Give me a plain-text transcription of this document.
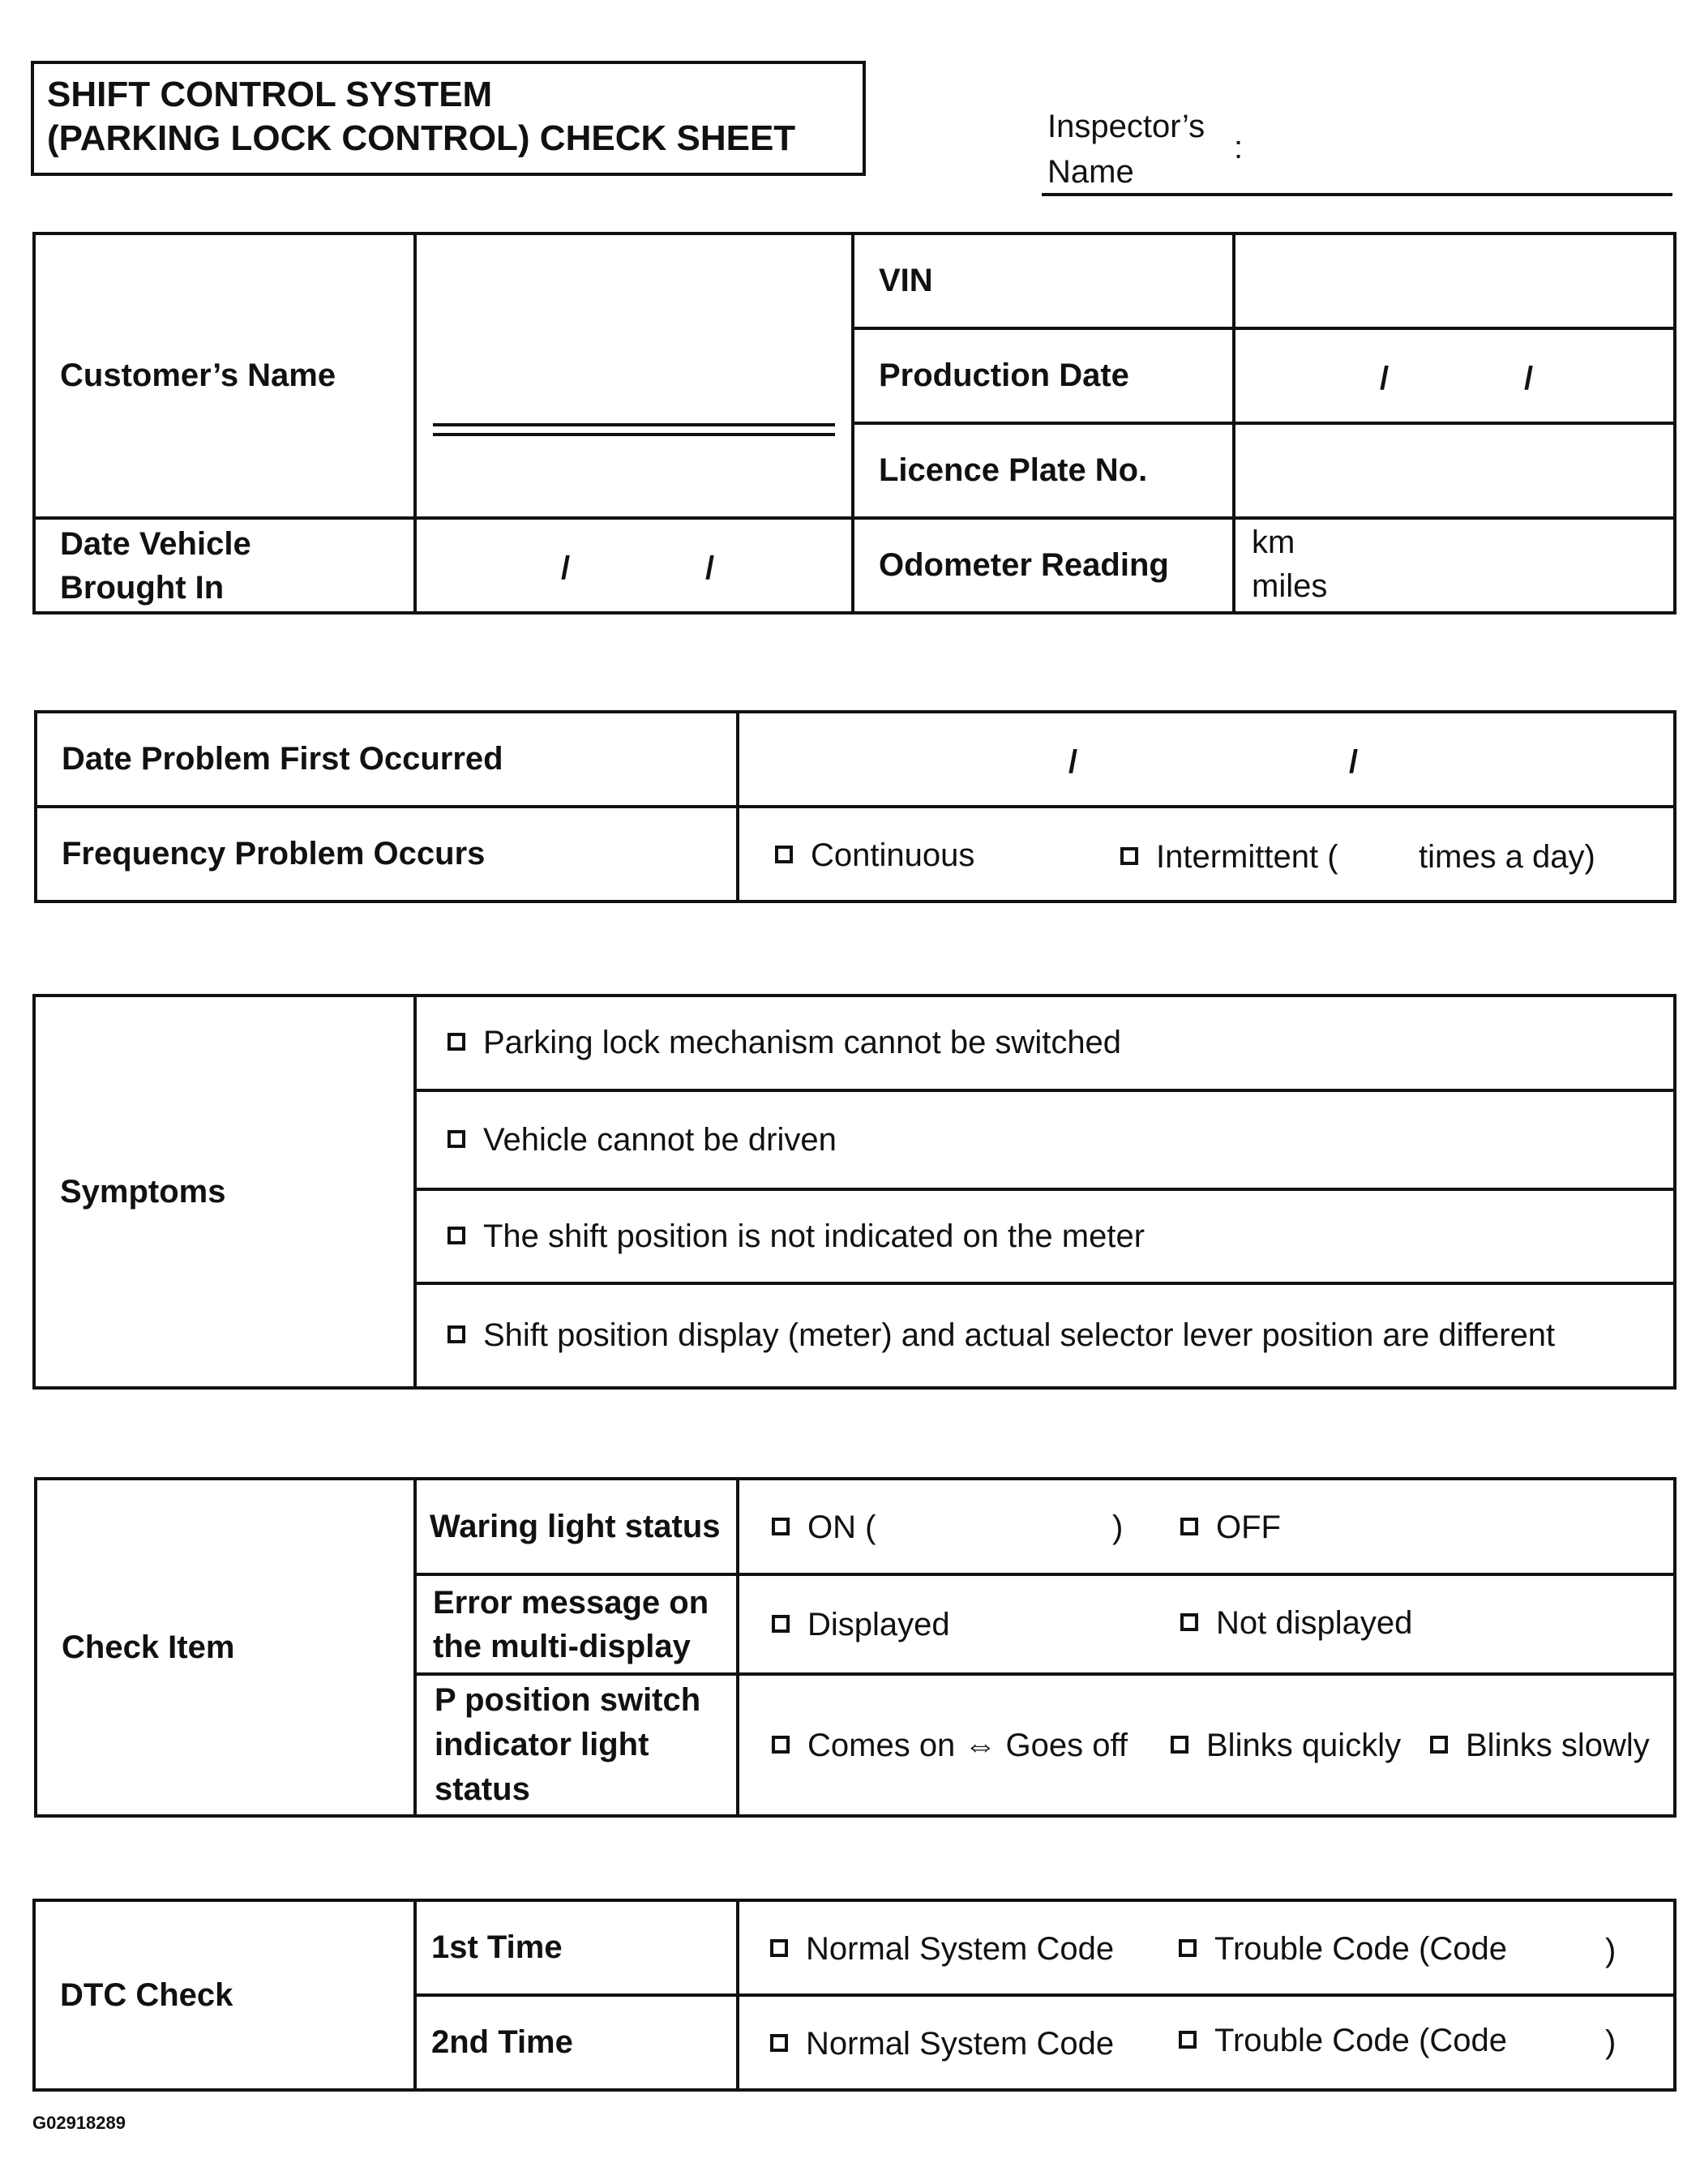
SHIFT CONTROL SYSTEM
(PARKING LOCK CONTROL) CHECK SHEET	Inspector’s
Name
:
Customer’s Name		VIN	
		Production Date	/ /

		Licence Plate No.	
Date Vehicle
Brought In	/ /	Odometer Reading	km
miles
Date Problem First Occurred	/ /

Frequency Problem Occurs	Continuous Intermittent ( times a day)
Symptoms	Parking lock mechanism cannot be switched
Vehicle cannot be driven
The shift position is not indicated on the meter
Shift position display (meter) and actual selector lever position are different
Check Item	Waring light status	ON ( ) OFF

	Error message on
the multi-display	Displayed Not displayed

	P position switch
indicator light
status	Comes on ⇔ Goes off Blinks quickly Blinks slowly
DTC Check	1st Time	Normal System Code Trouble Code (Code )

	2nd Time	Normal System Code Trouble Code (Code )
G02918289
